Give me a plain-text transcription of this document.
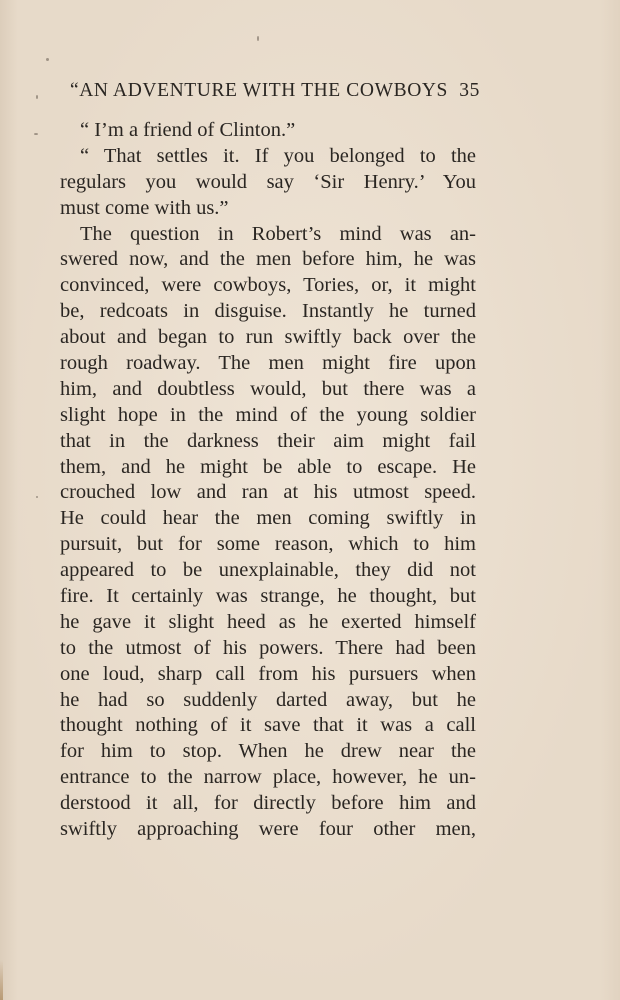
“AN ADVENTURE WITH THE COWBOYS 35
“ I’m a friend of Clinton.”
“ That settles it. If you belonged to the
regulars you would say ‘Sir Henry.’ You
must come with us.”
The question in Robert’s mind was an-
swered now, and the men before him, he was
convinced, were cowboys, Tories, or, it might
be, redcoats in disguise. Instantly he turned
about and began to run swiftly back over the
rough roadway. The men might fire upon
him, and doubtless would, but there was a
slight hope in the mind of the young soldier
that in the darkness their aim might fail
them, and he might be able to escape. He
crouched low and ran at his utmost speed.
He could hear the men coming swiftly in
pursuit, but for some reason, which to him
appeared to be unexplainable, they did not
fire. It certainly was strange, he thought, but
he gave it slight heed as he exerted himself
to the utmost of his powers. There had been
one loud, sharp call from his pursuers when
he had so suddenly darted away, but he
thought nothing of it save that it was a call
for him to stop. When he drew near the
entrance to the narrow place, however, he un-
derstood it all, for directly before him and
swiftly approaching were four other men,
